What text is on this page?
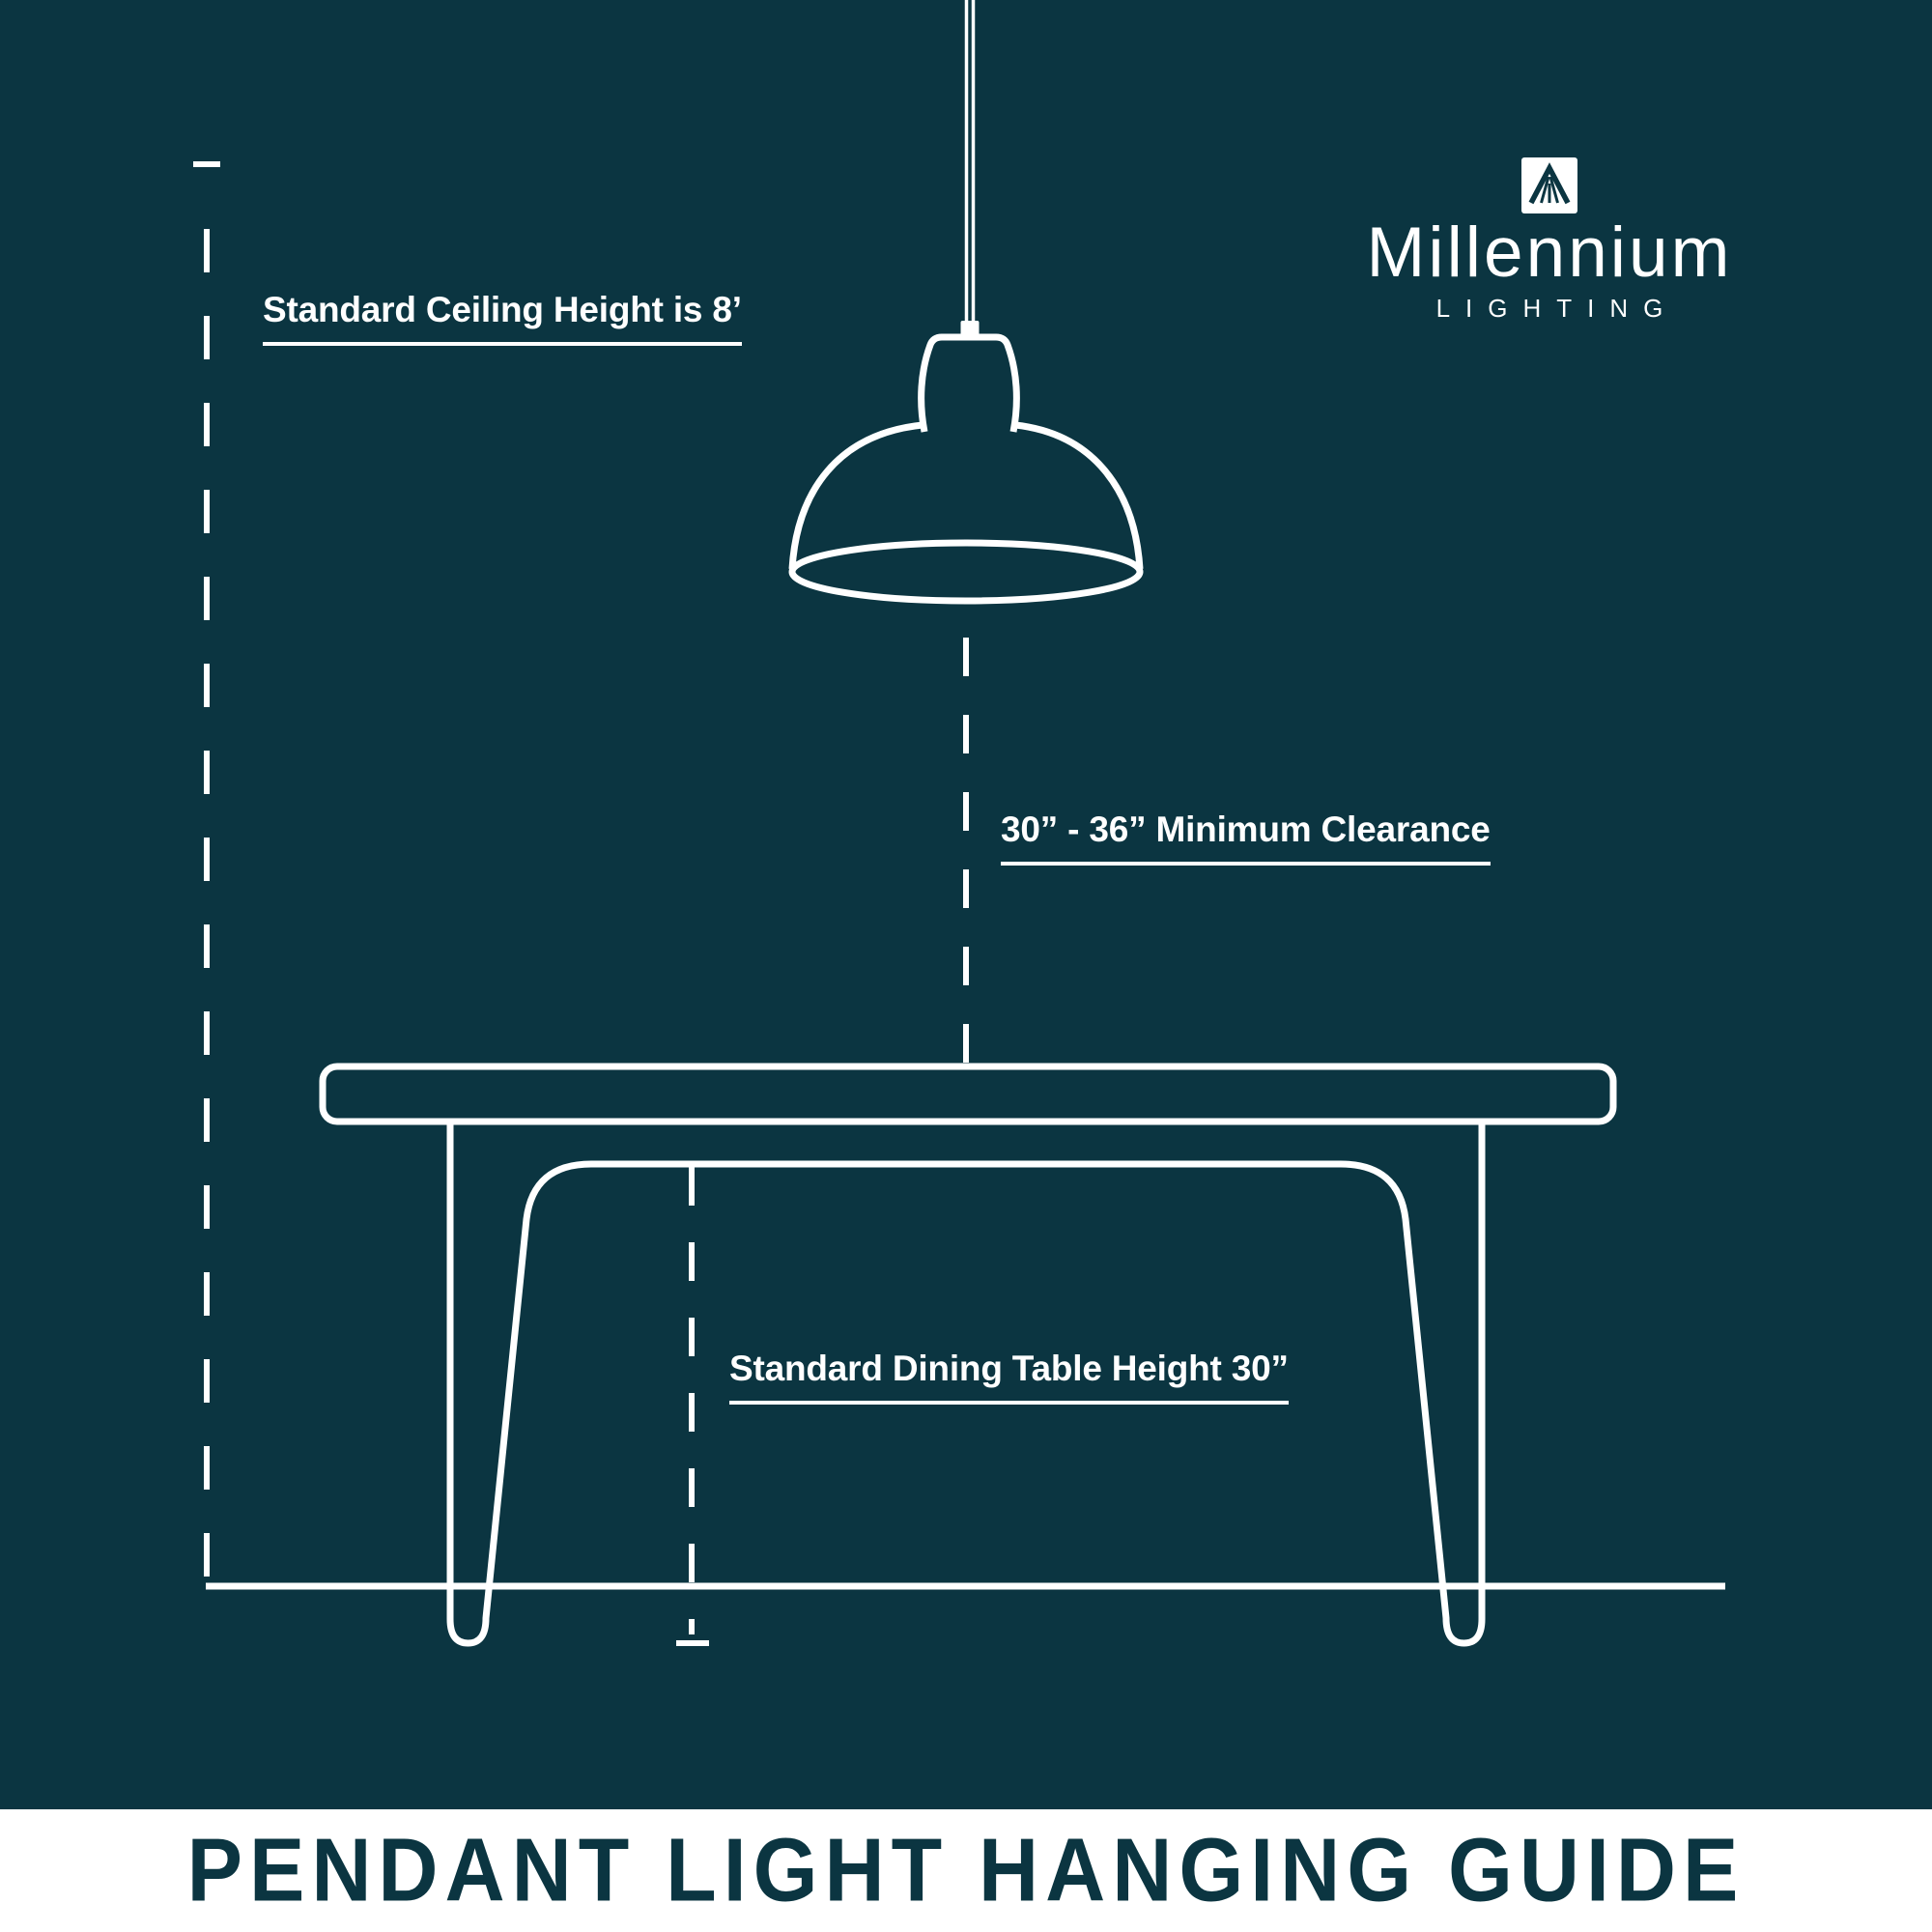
Standard Ceiling Height is 8’
30” - 36” Minimum Clearance
Standard Dining Table Height 30”
Millennium
LIGHTING
PENDANT LIGHT HANGING GUIDE
